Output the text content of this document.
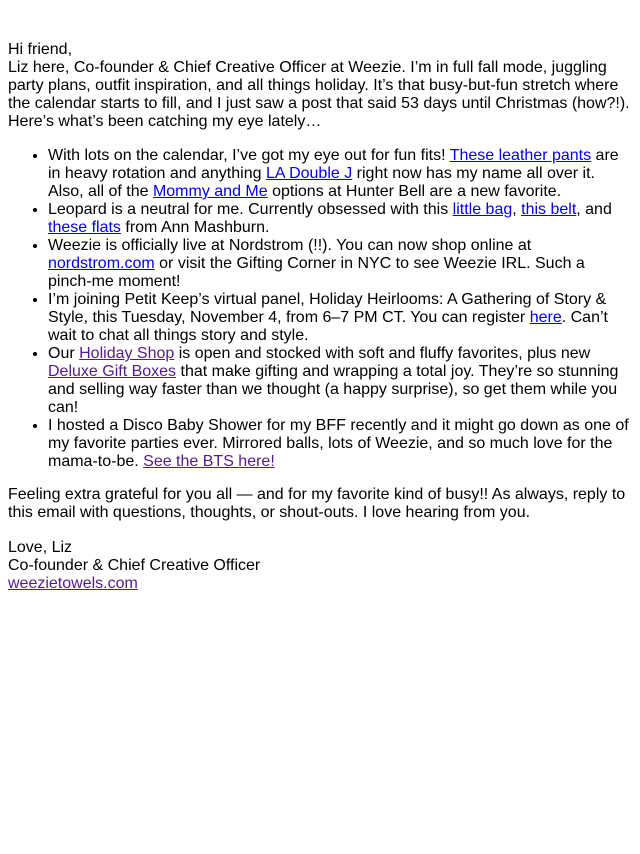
Hi friend,

Liz here, Co-founder & Chief Creative Officer at Weezie. I’m in full fall mode, juggling party plans, outfit inspiration, and all things holiday. It’s that busy-but-fun stretch where the calendar starts to fill, and I just saw a post that said 53 days until Christmas (how?!). Here’s what’s been catching my eye lately…

• With lots on the calendar, I’ve got my eye out for fun fits! These leather pants are in heavy rotation and anything LA Double J right now has my name all over it. Also, all of the Mommy and Me options at Hunter Bell are a new favorite.
• Leopard is a neutral for me. Currently obsessed with this little bag, this belt, and these flats from Ann Mashburn.
• Weezie is officially live at Nordstrom (!!). You can now shop online at nordstrom.com or visit the Gifting Corner in NYC to see Weezie IRL. Such a pinch-me moment!
• I’m joining Petit Keep’s virtual panel, Holiday Heirlooms: A Gathering of Story & Style, this Tuesday, November 4, from 6–7 PM CT. You can register here. Can’t wait to chat all things story and style.
• Our Holiday Shop is open and stocked with soft and fluffy favorites, plus new Deluxe Gift Boxes that make gifting and wrapping a total joy. They’re so stunning and selling way faster than we thought (a happy surprise), so get them while you can!
• I hosted a Disco Baby Shower for my BFF recently and it might go down as one of my favorite parties ever. Mirrored balls, lots of Weezie, and so much love for the mama-to-be. See the BTS here!

Feeling extra grateful for you all — and for my favorite kind of busy!! As always, reply to this email with questions, thoughts, or shout-outs. I love hearing from you.

Love, Liz

Co-founder & Chief Creative Officer

weezietowels.com
